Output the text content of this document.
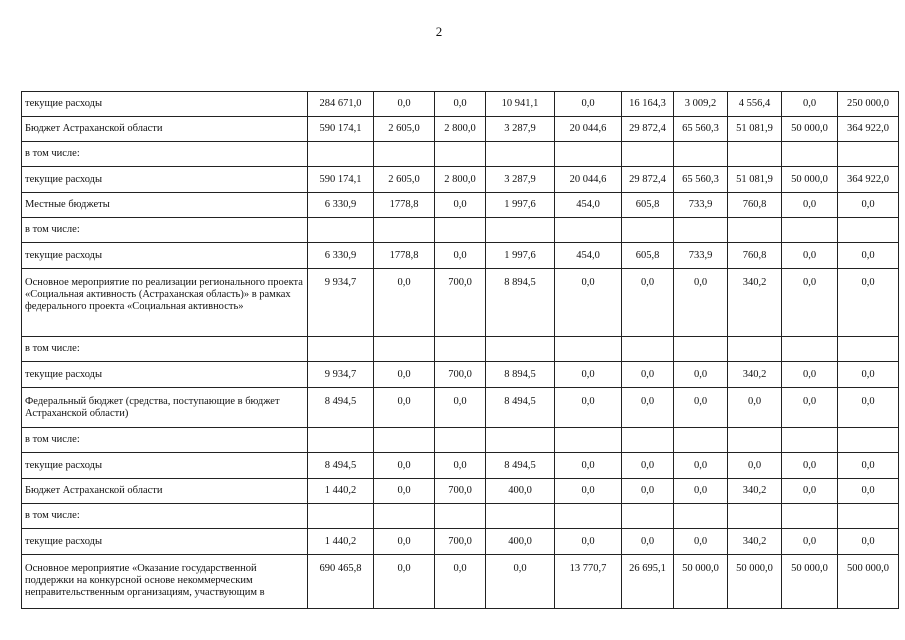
2
текущие расходы	284 671,0	0,0	0,0	10 941,1	0,0	16 164,3	3 009,2	4 556,4	0,0	250 000,0
Бюджет Астраханской области	590 174,1	2 605,0	2 800,0	3 287,9	20 044,6	29 872,4	65 560,3	51 081,9	50 000,0	364 922,0
в том числе:										
текущие расходы	590 174,1	2 605,0	2 800,0	3 287,9	20 044,6	29 872,4	65 560,3	51 081,9	50 000,0	364 922,0
Местные бюджеты	6 330,9	1778,8	0,0	1 997,6	454,0	605,8	733,9	760,8	0,0	0,0
в том числе:										
текущие расходы	6 330,9	1778,8	0,0	1 997,6	454,0	605,8	733,9	760,8	0,0	0,0
Основное мероприятие по реализации регионального проекта «Социальная активность (Астраханская область)» в рамках федерального проекта «Социальная активность»	9 934,7	0,0	700,0	8 894,5	0,0	0,0	0,0	340,2	0,0	0,0
в том числе:										
текущие расходы	9 934,7	0,0	700,0	8 894,5	0,0	0,0	0,0	340,2	0,0	0,0
Федеральный бюджет (средства, поступающие в бюджет Астраханской области)	8 494,5	0,0	0,0	8 494,5	0,0	0,0	0,0	0,0	0,0	0,0
в том числе:										
текущие расходы	8 494,5	0,0	0,0	8 494,5	0,0	0,0	0,0	0,0	0,0	0,0
Бюджет Астраханской области	1 440,2	0,0	700,0	400,0	0,0	0,0	0,0	340,2	0,0	0,0
в том числе:										
текущие расходы	1 440,2	0,0	700,0	400,0	0,0	0,0	0,0	340,2	0,0	0,0
Основное мероприятие «Оказание государственной поддержки на конкурсной основе некоммерческим неправительственным организациям, участвующим в	690 465,8	0,0	0,0	0,0	13 770,7	26 695,1	50 000,0	50 000,0	50 000,0	500 000,0
